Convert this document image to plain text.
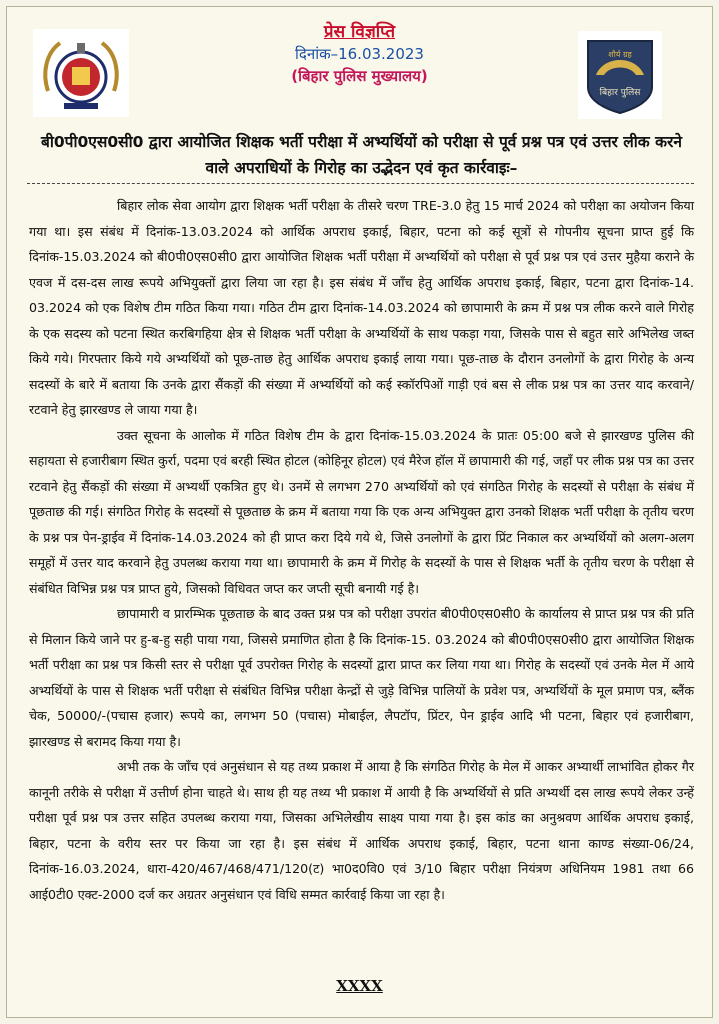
प्रेस विज्ञप्ति
दिनांक–16.03.2023
(बिहार पुलिस मुख्यालय)
शौर्य ग्रह
बिहार पुलिस
बी0पी0एस0सी0 द्वारा आयोजित शिक्षक भर्ती परीक्षा में अभ्यर्थियों को परीक्षा से पूर्व प्रश्न पत्र एवं उत्तर लीक करने वाले अपराधियों के गिरोह का उद्भेदन एवं कृत कार्रवाइः–

बिहार लोक सेवा आयोग द्वारा शिक्षक भर्ती परीक्षा के तीसरे चरण TRE-3.0 हेतु 15 मार्च 2024 को परीक्षा का अयोजन किया गया था। इस संबंध में दिनांक-13.03.2024 को आर्थिक अपराध इकाई, बिहार, पटना को कई सूत्रों से गोपनीय सूचना प्राप्त हुई कि दिनांक-15.03.2024 को बी0पी0एस0सी0 द्वारा आयोजित शिक्षक भर्ती परीक्षा में अभ्यर्थियों को परीक्षा से पूर्व प्रश्न पत्र एवं उत्तर मुहैया कराने के एवज में दस-दस लाख रूपये अभियुक्तों द्वारा लिया जा रहा है। इस संबंध में जाँच हेतु आर्थिक अपराध इकाई, बिहार, पटना द्वारा दिनांक-14. 03.2024 को एक विशेष टीम गठित किया गया। गठित टीम द्वारा दिनांक-14.03.2024 को छापामारी के क्रम में प्रश्न पत्र लीक करने वाले गिरोह के एक सदस्य को पटना स्थित करबिगहिया क्षेत्र से शिक्षक भर्ती परीक्षा के अभ्यर्थियों के साथ पकड़ा गया, जिसके पास से बहुत सारे अभिलेख जब्त किये गये। गिरफ्तार किये गये अभ्यर्थियों को पूछ-ताछ हेतु आर्थिक अपराध इकाई लाया गया। पूछ-ताछ के दौरान उनलोगों के द्वारा गिरोह के अन्य सदस्यों के बारे में बताया कि उनके द्वारा सैंकड़ों की संख्या में अभ्यर्थियों को कई स्कॉरपिओं गाड़ी एवं बस से लीक प्रश्न पत्र का उत्तर याद करवाने/रटवाने हेतु झारखण्ड ले जाया गया है।

उक्त सूचना के आलोक में गठित विशेष टीम के द्वारा दिनांक-15.03.2024 के प्रातः 05:00 बजे से झारखण्ड पुलिस की सहायता से हजारीबाग स्थित कुर्रा, पदमा एवं बरही स्थित होटल (कोहिनूर होटल) एवं मैरेज हॉल में छापामारी की गई, जहाँ पर लीक प्रश्न पत्र का उत्तर रटवाने हेतु सैंकड़ों की संख्या में अभ्यर्थी एकत्रित हुए थे। उनमें से लगभग 270 अभ्यर्थियों को एवं संगठित गिरोह के सदस्यों से परीक्षा के संबंध में पूछताछ की गई। संगठित गिरोह के सदस्यों से पूछताछ के क्रम में बताया गया कि एक अन्य अभियुक्त द्वारा उनको शिक्षक भर्ती परीक्षा के तृतीय चरण के प्रश्न पत्र पेन-ड्राईव में दिनांक-14.03.2024 को ही प्राप्त करा दिये गये थे, जिसे उनलोगों के द्वारा प्रिंट निकाल कर अभ्यर्थियों को अलग-अलग समूहों में उत्तर याद करवाने हेतु उपलब्ध कराया गया था। छापामारी के क्रम में गिरोह के सदस्यों के पास से शिक्षक भर्ती के तृतीय चरण के परीक्षा से संबंधित विभिन्न प्रश्न पत्र प्राप्त हुये, जिसको विधिवत जप्त कर जप्ती सूची बनायी गई है।

छापामारी व प्रारम्भिक पूछताछ के बाद उक्त प्रश्न पत्र को परीक्षा उपरांत बी0पी0एस0सी0 के कार्यालय से प्राप्त प्रश्न पत्र की प्रति से मिलान किये जाने पर हु-ब-हु सही पाया गया, जिससे प्रमाणित होता है कि दिनांक-15. 03.2024 को बी0पी0एस0सी0 द्वारा आयोजित शिक्षक भर्ती परीक्षा का प्रश्न पत्र किसी स्तर से परीक्षा पूर्व उपरोक्त गिरोह के सदस्यों द्वारा प्राप्त कर लिया गया था। गिरोह के सदस्यों एवं उनके मेल में आये अभ्यर्थियों के पास से शिक्षक भर्ती परीक्षा से संबंधित विभिन्न परीक्षा केन्द्रों से जुड़े विभिन्न पालियों के प्रवेश पत्र, अभ्यर्थियों के मूल प्रमाण पत्र, ब्लैंक चेक, 50000/-(पचास हजार) रूपये का, लगभग 50 (पचास) मोबाईल, लैपटॉप, प्रिंटर, पेन ड्राईव आदि भी पटना, बिहार एवं हजारीबाग, झारखण्ड से बरामद किया गया है।

अभी तक के जाँच एवं अनुसंधान से यह तथ्य प्रकाश में आया है कि संगठित गिरोह के मेल में आकर अभ्यार्थी लाभांवित होकर गैर कानूनी तरीके से परीक्षा में उत्तीर्ण होना चाहते थे। साथ ही यह तथ्य भी प्रकाश में आयी है कि अभ्यर्थियों से प्रति अभ्यर्थी दस लाख रूपये लेकर उन्हें परीक्षा पूर्व प्रश्न पत्र उत्तर सहित उपलब्ध कराया गया, जिसका अभिलेखीय साक्ष्य पाया गया है। इस कांड का अनुश्रवण आर्थिक अपराध इकाई, बिहार, पटना के वरीय स्तर पर किया जा रहा है। इस संबंध में आर्थिक अपराध इकाई, बिहार, पटना थाना काण्ड संख्या-06/24, दिनांक-16.03.2024, धारा-420/467/468/471/120(ट) भा0द0वि0 एवं 3/10 बिहार परीक्षा नियंत्रण अधिनियम 1981 तथा 66 आई0टी0 एक्ट-2000 दर्ज कर अग्रतर अनुसंधान एवं विधि सम्मत कार्रवाई किया जा रहा है।

XXXX
